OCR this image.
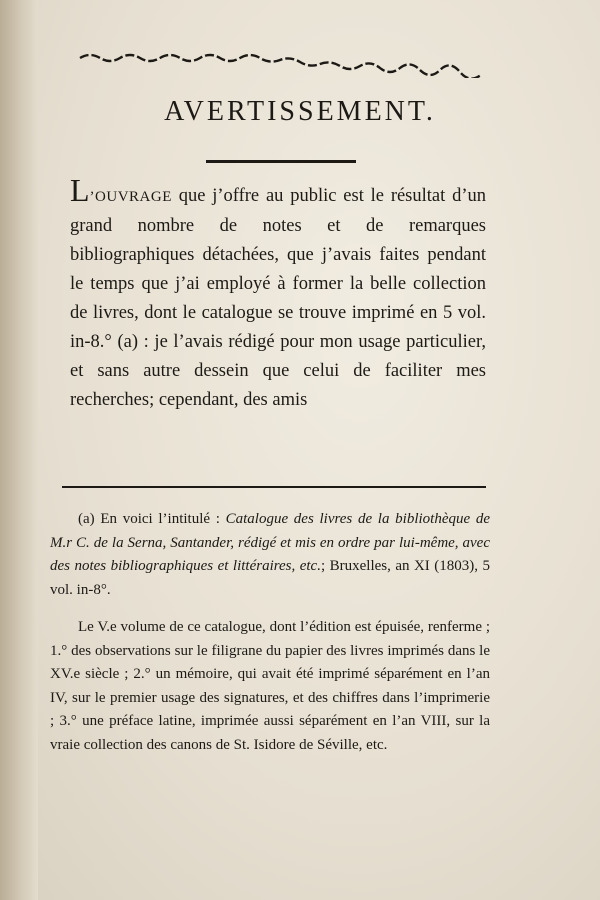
AVERTISSEMENT.
L’OUVRAGE que j’offre au public est le résultat d’un grand nombre de notes et de remarques bibliographiques détachées, que j’avais faites pendant le temps que j’ai employé à former la belle collection de livres, dont le catalogue se trouve imprimé en 5 vol. in-8.° (a) : je l’avais rédigé pour mon usage particulier, et sans autre dessein que celui de faciliter mes recherches; cependant, des amis

(a) En voici l’intitulé : Catalogue des livres de la bibliothèque de M.r C. de la Serna, Santander, rédigé et mis en ordre par lui-même, avec des notes bibliographiques et littéraires, etc.; Bruxelles, an XI (1803), 5 vol. in-8°.

Le V.e volume de ce catalogue, dont l’édition est épuisée, renferme ; 1.° des observations sur le filigrane du papier des livres imprimés dans le XV.e siècle ; 2.° un mémoire, qui avait été imprimé séparément en l’an IV, sur le premier usage des signatures, et des chiffres dans l’imprimerie ; 3.° une préface latine, imprimée aussi séparément en l’an VIII, sur la vraie collection des canons de St. Isidore de Séville, etc.
